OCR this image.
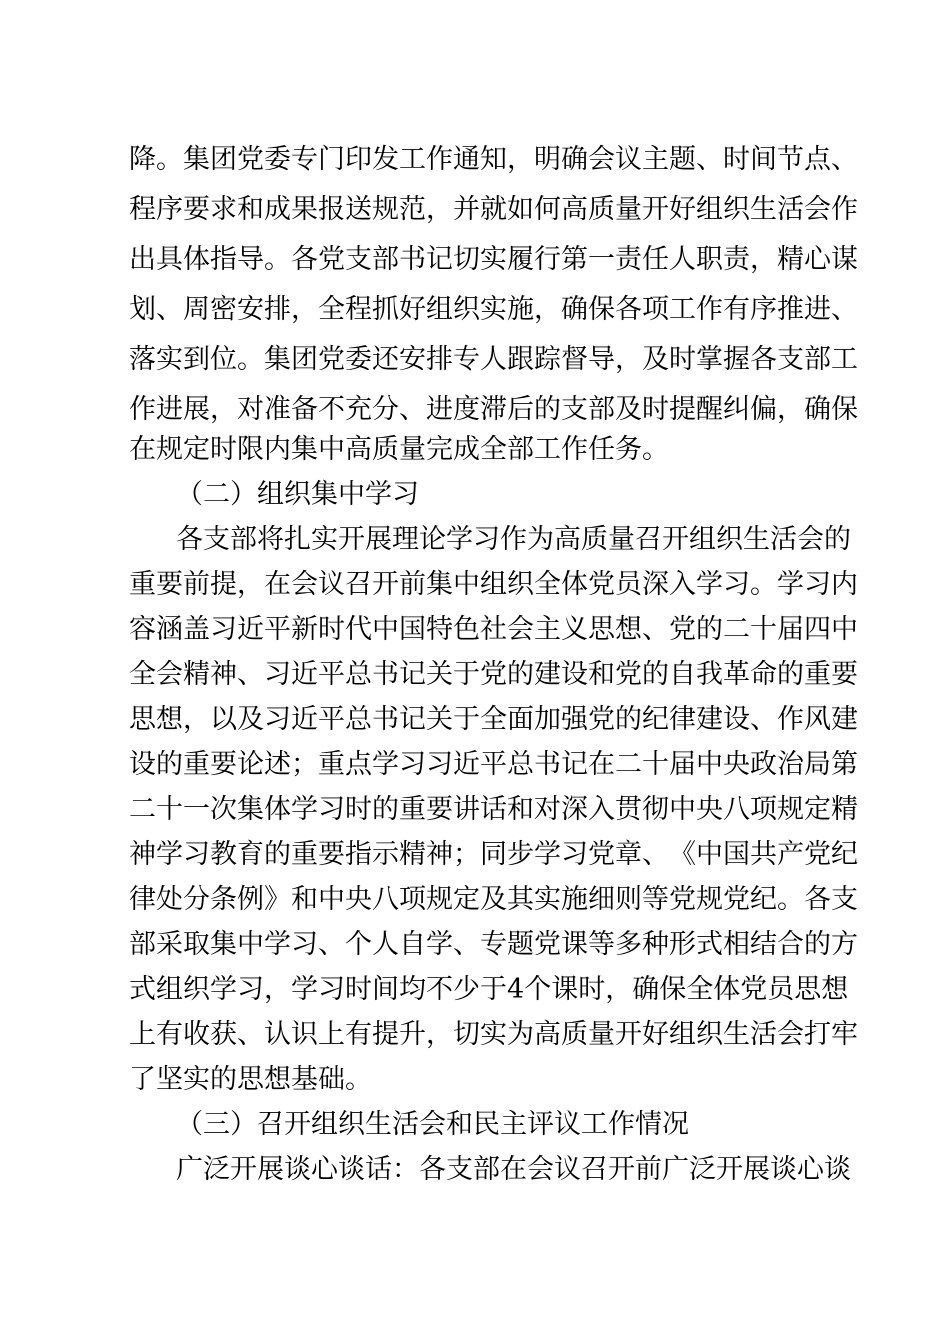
降 。 集 团 党 委 专 门 印 发 工 作 通 知 ， 明 确 会 议 主 题 、 时 间 节 点 、
程 序 要 求 和 成 果 报 送 规 范 ， 并 就 如 何 高 质 量 开 好 组 织 生 活 会 作
出 具 体 指 导 。 各 党 支 部 书 记 切 实 履 行 第 一 责 任 人 职 责 ， 精 心 谋
划 、 周 密 安 排 ， 全 程 抓 好 组 织 实 施 ， 确 保 各 项 工 作 有 序 推 进 、
落 实 到 位 。 集 团 党 委 还 安 排 专 人 跟 踪 督 导 ， 及 时 掌 握 各 支 部 工
作 进 展 ， 对 准 备 不 充 分 、 进 度 滞 后 的 支 部 及 时 提 醒 纠 偏 ， 确 保
在规定时限内集中高质量完成全部工作任务。
（二）组织集中学习
各 支 部 将 扎 实 开 展 理 论 学 习 作 为 高 质 量 召 开 组 织 生 活 会 的
重 要 前 提 ， 在 会 议 召 开 前 集 中 组 织 全 体 党 员 深 入 学 习 。 学 习 内
容 涵 盖 习 近 平 新 时 代 中 国 特 色 社 会 主 义 思 想 、 党 的 二 十 届 四 中
全 会 精 神 、 习 近 平 总 书 记 关 于 党 的 建 设 和 党 的 自 我 革 命 的 重 要
思 想 ， 以 及 习 近 平 总 书 记 关 于 全 面 加 强 党 的 纪 律 建 设 、 作 风 建
设 的 重 要 论 述 ； 重 点 学 习 习 近 平 总 书 记 在 二 十 届 中 央 政 治 局 第
二 十 一 次 集 体 学 习 时 的 重 要 讲 话 和 对 深 入 贯 彻 中 央 八 项 规 定 精
神 学 习 教 育 的 重 要 指 示 精 神 ； 同 步 学 习 党 章 、 《 中 国 共 产 党 纪
律 处 分 条 例 》 和 中 央 八 项 规 定 及 其 实 施 细 则 等 党 规 党 纪 。 各 支
部 采 取 集 中 学 习 、 个 人 自 学 、 专 题 党 课 等 多 种 形 式 相 结 合 的 方
式 组 织 学 习 ， 学 习 时 间 均 不 少 于 4 个 课 时 ， 确 保 全 体 党 员 思 想
上 有 收 获 、 认 识 上 有 提 升 ， 切 实 为 高 质 量 开 好 组 织 生 活 会 打 牢
了坚实的思想基础。
（三）召开组织生活会和民主评议工作情况
广 泛 开 展 谈 心 谈 话 ： 各 支 部 在 会 议 召 开 前 广 泛 开 展 谈 心 谈
